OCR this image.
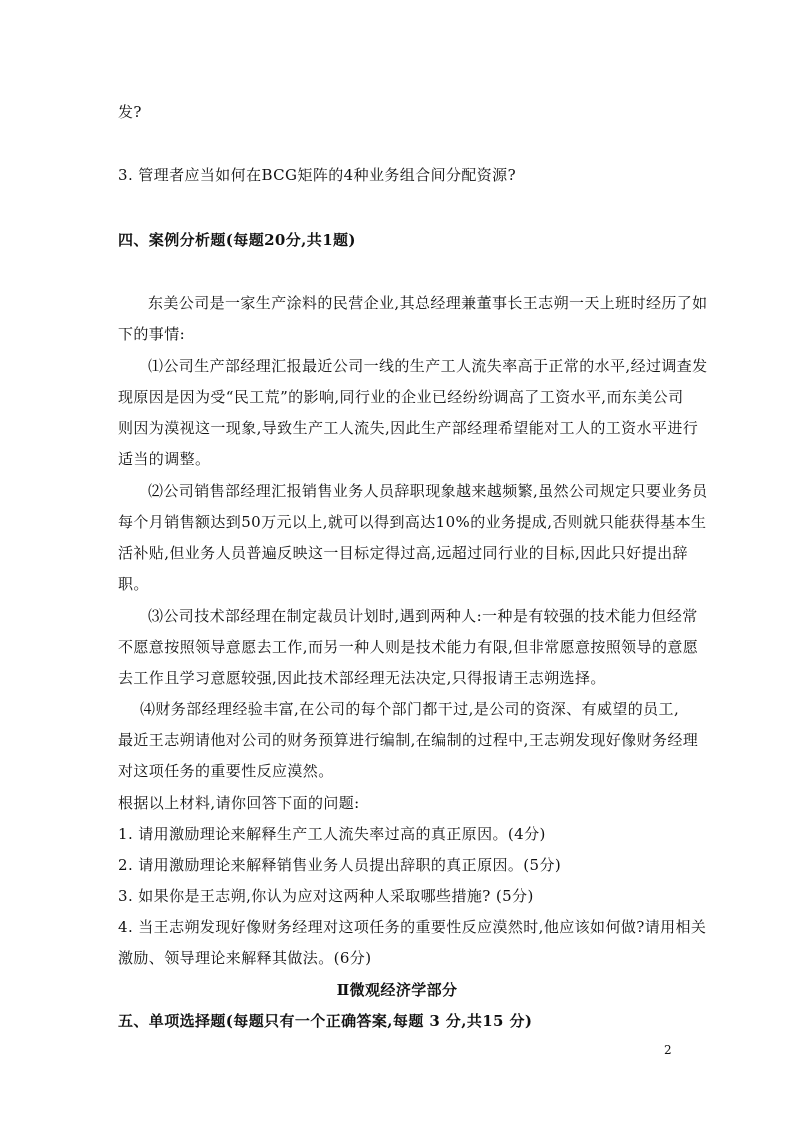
发?

3. 管理者应当如何在BCG矩阵的4种业务组合间分配资源?

四、案例分析题(每题20分,共1题)

东美公司是一家生产涂料的民营企业,其总经理兼董事长王志朔一天上班时经历了如

下的事情:

⑴公司生产部经理汇报最近公司一线的生产工人流失率高于正常的水平,经过调查发

现原因是因为受“民工荒”的影响,同行业的企业已经纷纷调高了工资水平,而东美公司

则因为漠视这一现象,导致生产工人流失,因此生产部经理希望能对工人的工资水平进行

适当的调整。

⑵公司销售部经理汇报销售业务人员辞职现象越来越频繁,虽然公司规定只要业务员

每个月销售额达到50万元以上,就可以得到高达10%的业务提成,否则就只能获得基本生

活补贴,但业务人员普遍反映这一目标定得过高,远超过同行业的目标,因此只好提出辞

职。

⑶公司技术部经理在制定裁员计划时,遇到两种人:一种是有较强的技术能力但经常

不愿意按照领导意愿去工作,而另一种人则是技术能力有限,但非常愿意按照领导的意愿

去工作且学习意愿较强,因此技术部经理无法决定,只得报请王志朔选择。

⑷财务部经理经验丰富,在公司的每个部门都干过,是公司的资深、有威望的员工,

最近王志朔请他对公司的财务预算进行编制,在编制的过程中,王志朔发现好像财务经理

对这项任务的重要性反应漠然。

根据以上材料,请你回答下面的问题:

1. 请用激励理论来解释生产工人流失率过高的真正原因。(4分)

2. 请用激励理论来解释销售业务人员提出辞职的真正原因。(5分)

3. 如果你是王志朔,你认为应对这两种人采取哪些措施? (5分)

4. 当王志朔发现好像财务经理对这项任务的重要性反应漠然时,他应该如何做?请用相关

激励、领导理论来解释其做法。(6分)

Ⅱ微观经济学部分

五、单项选择题(每题只有一个正确答案,每题 3 分,共15 分)

2
